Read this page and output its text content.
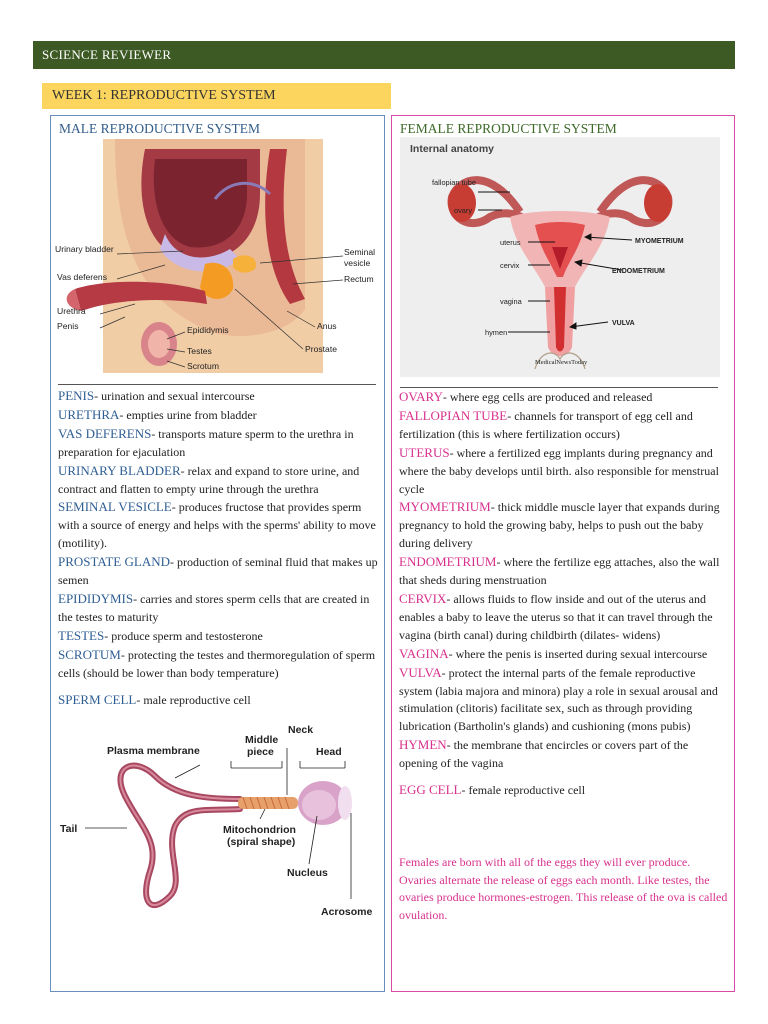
SCIENCE REVIEWER
WEEK 1: REPRODUCTIVE SYSTEM
MALE REPRODUCTIVE SYSTEM
Urinary bladder
Vas deferens
Urethra
Penis	Epididymis
Testes
Scrotum
Seminal
vesicle
Rectum
Anus
Prostate

PENIS- urination and sexual intercourse

URETHRA- empties urine from bladder

VAS DEFERENS- transports mature sperm to the urethra in preparation for ejaculation

URINARY BLADDER- relax and expand to store urine, and contract and flatten to empty urine through the urethra

SEMINAL VESICLE- produces fructose that provides sperm with a source of energy and helps with the sperms' ability to move (motility).

PROSTATE GLAND- production of seminal fluid that makes up semen

EPIDIDYMIS- carries and stores sperm cells that are created in the testes to maturity

TESTES- produce sperm and testosterone

SCROTUM- protecting the testes and thermoregulation of sperm cells (should be lower than body temperature)

SPERM CELL- male reproductive cell

Plasma membrane
Neck
Middle
piece	Head
Tail	Mitochondrion
(spiral shape)
Nucleus
Acrosome
FEMALE REPRODUCTIVE SYSTEM
Internal anatomy
fallopian tube
ovary
uterus
cervix
vagina
hymen
MYOMETRIUM
ENDOMETRIUM
VULVA
MedicalNewsToday

OVARY- where egg cells are produced and released

FALLOPIAN TUBE- channels for transport of egg cell and fertilization (this is where fertilization occurs)

UTERUS- where a fertilized egg implants during pregnancy and where the baby develops until birth. also responsible for menstrual cycle

MYOMETRIUM- thick middle muscle layer that expands during pregnancy to hold the growing baby, helps to push out the baby during delivery

ENDOMETRIUM- where the fertilize egg attaches, also the wall that sheds during menstruation

CERVIX- allows fluids to flow inside and out of the uterus and enables a baby to leave the uterus so that it can travel through the vagina (birth canal) during childbirth (dilates- widens)

VAGINA- where the penis is inserted during sexual intercourse

VULVA- protect the internal parts of the female reproductive system (labia majora and minora) play a role in sexual arousal and stimulation (clitoris) facilitate sex, such as through providing lubrication (Bartholin's glands) and cushioning (mons pubis)

HYMEN- the membrane that encircles or covers part of the opening of the vagina

EGG CELL- female reproductive cell

Females are born with all of the eggs they will ever produce. Ovaries alternate the release of eggs each month. Like testes, the ovaries produce hormones-estrogen. This release of the ova is called ovulation.
